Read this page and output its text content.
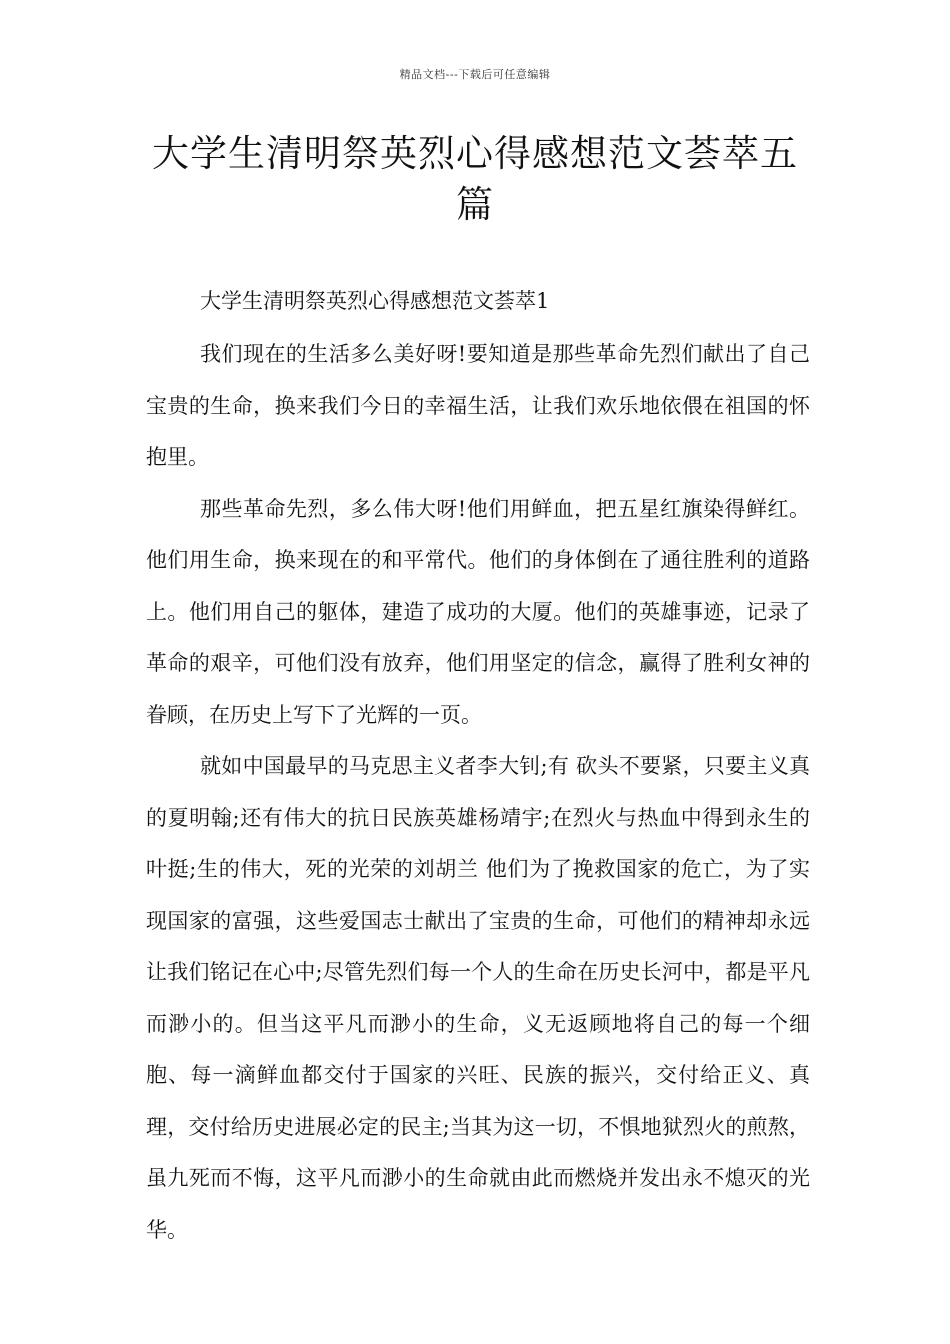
精品文档---下载后可任意编辑
大学生清明祭英烈心得感想范文荟萃五篇

大学生清明祭英烈心得感想范文荟萃1

我们现在的生活多么美好呀!要知道是那些革命先烈们献出了自己宝贵的生命，换来我们今日的幸福生活，让我们欢乐地依偎在祖国的怀抱里。

那些革命先烈，多么伟大呀!他们用鲜血，把五星红旗染得鲜红。他们用生命，换来现在的和平常代。他们的身体倒在了通往胜利的道路上。他们用自己的躯体，建造了成功的大厦。他们的英雄事迹，记录了革命的艰辛，可他们没有放弃，他们用坚定的信念，赢得了胜利女神的眷顾，在历史上写下了光辉的一页。

就如中国最早的马克思主义者李大钊;有 砍头不要紧，只要主义真 的夏明翰;还有伟大的抗日民族英雄杨靖宇;在烈火与热血中得到永生的叶挺;生的伟大，死的光荣的刘胡兰 他们为了挽救国家的危亡，为了实现国家的富强，这些爱国志士献出了宝贵的生命，可他们的精神却永远让我们铭记在心中;尽管先烈们每一个人的生命在历史长河中，都是平凡而渺小的。但当这平凡而渺小的生命，义无返顾地将自己的每一个细胞、每一滴鲜血都交付于国家的兴旺、民族的振兴，交付给正义、真理，交付给历史进展必定的民主;当其为这一切，不惧地狱烈火的煎熬，虽九死而不悔，这平凡而渺小的生命就由此而燃烧并发出永不熄灭的光华。
